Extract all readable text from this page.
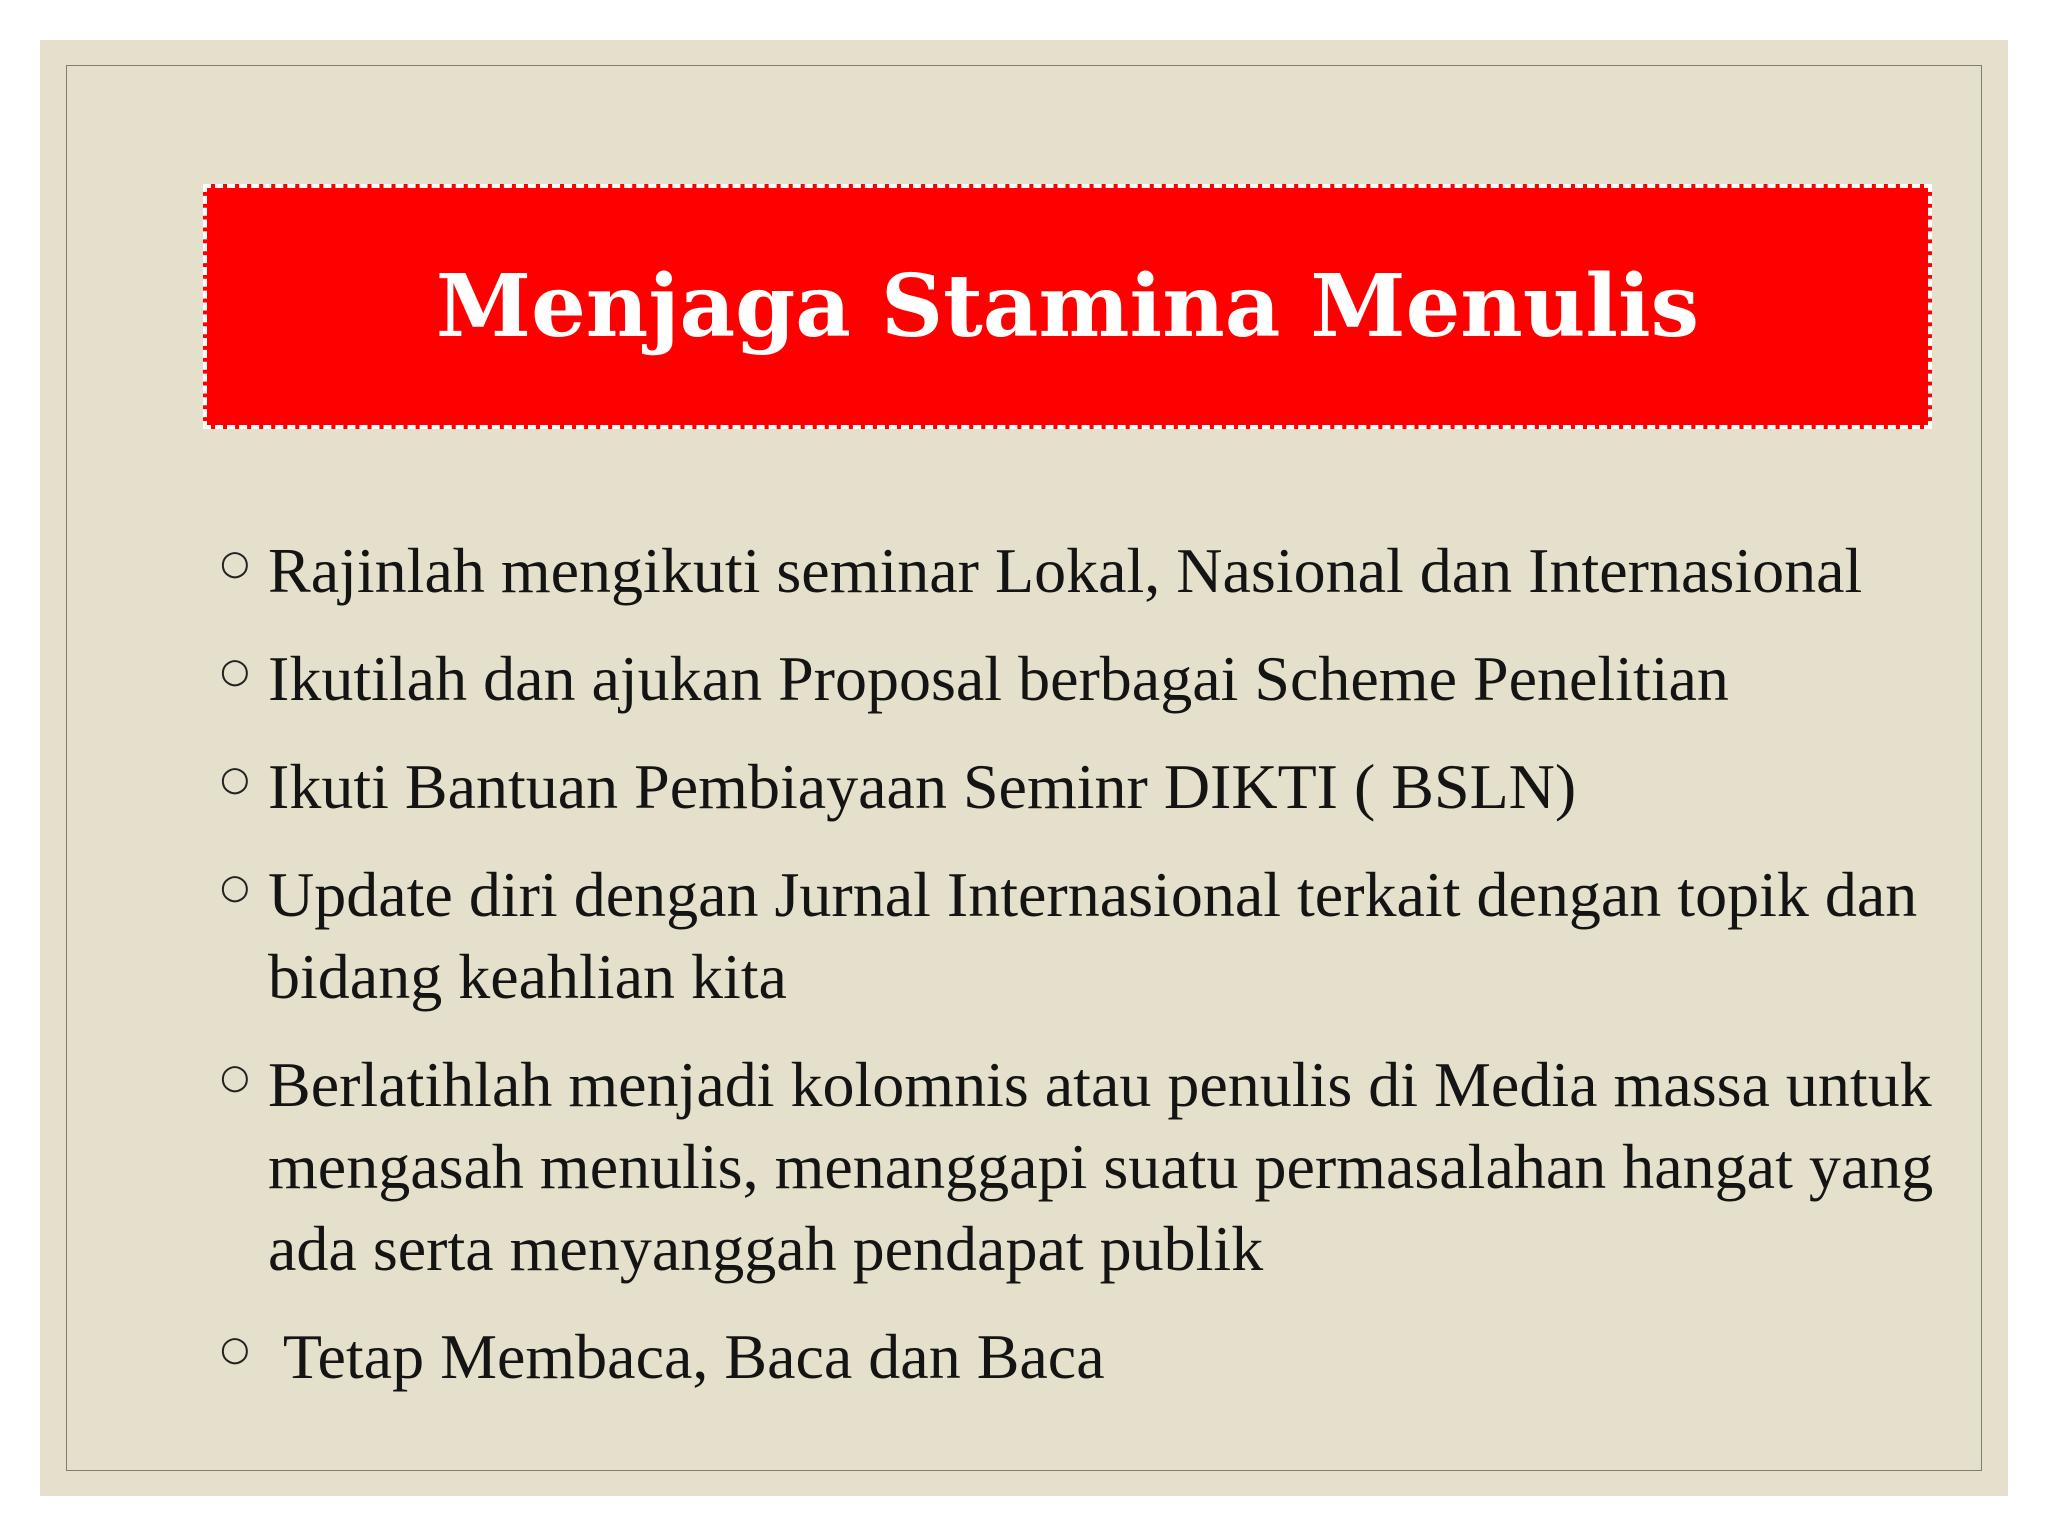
Menjaga Stamina Menulis
○ Rajinlah mengikuti seminar Lokal, Nasional dan Internasional
○ Ikutilah dan ajukan Proposal berbagai Scheme Penelitian
○ Ikuti Bantuan Pembiayaan Seminr DIKTI ( BSLN)
○ Update diri dengan Jurnal Internasional terkait dengan topik dan bidang keahlian kita
○ Berlatihlah menjadi kolomnis atau penulis di Media massa untuk mengasah menulis, menanggapi suatu permasalahan hangat yang ada serta menyanggah pendapat publik
○ Tetap Membaca, Baca dan Baca
